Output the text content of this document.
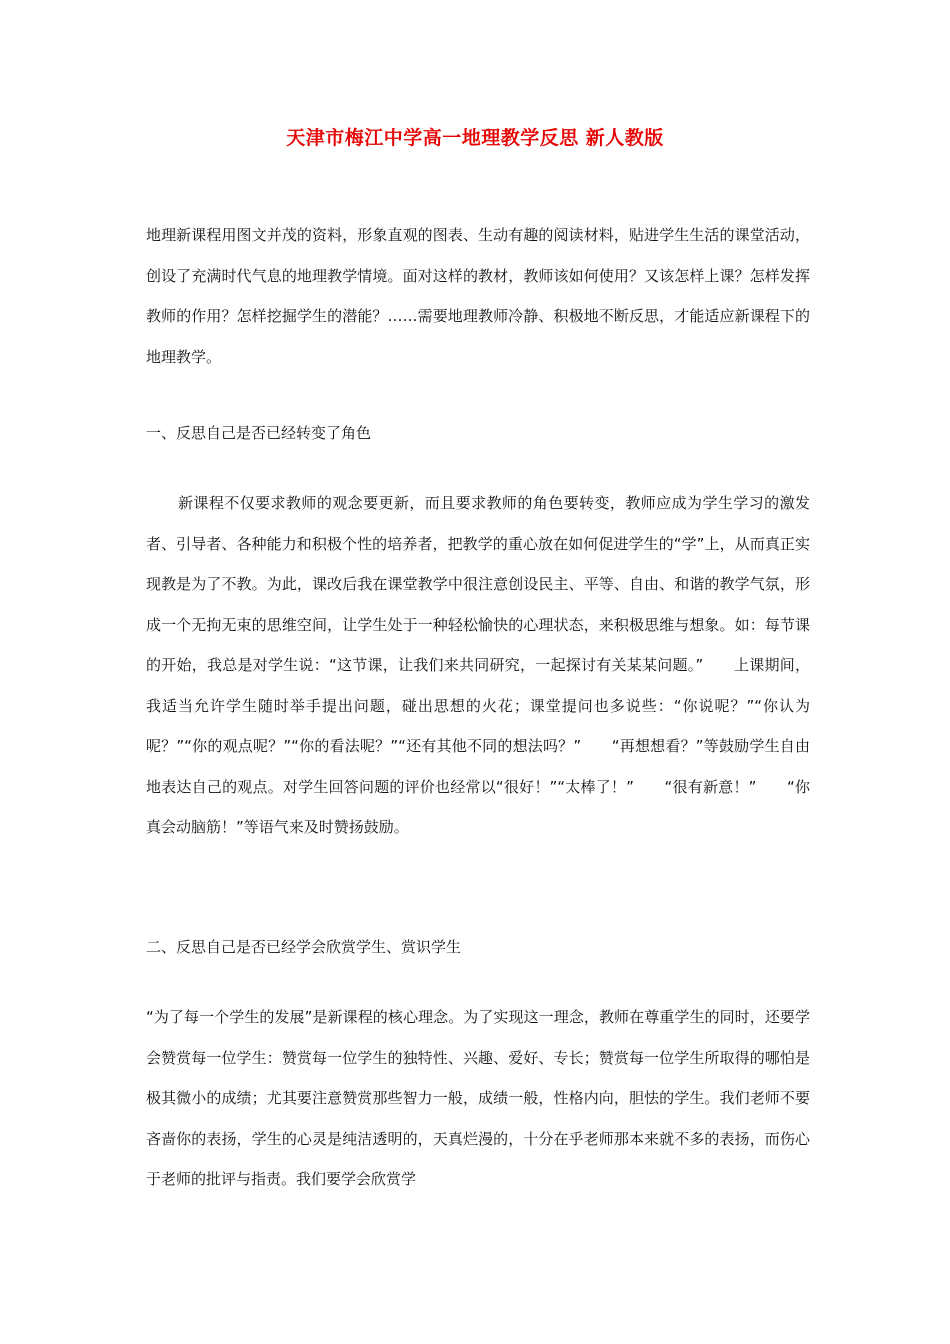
天津市梅江中学高一地理教学反思 新人教版

地理新课程用图文并茂的资料，形象直观的图表、生动有趣的阅读材料，贴进学生生活的课堂活动，创设了充满时代气息的地理教学情境。面对这样的教材，教师该如何使用？又该怎样上课？怎样发挥教师的作用？怎样挖掘学生的潜能？……需要地理教师冷静、积极地不断反思，才能适应新课程下的地理教学。

一、反思自己是否已经转变了角色

新课程不仅要求教师的观念要更新，而且要求教师的角色要转变，教师应成为学生学习的激发者、引导者、各种能力和积极个性的培养者，把教学的重心放在如何促进学生的“学”上，从而真正实现教是为了不教。为此，课改后我在课堂教学中很注意创设民主、平等、自由、和谐的教学气氛，形成一个无拘无束的思维空间，让学生处于一种轻松愉快的心理状态，来积极思维与想象。如：每节课的开始，我总是对学生说：“这节课，让我们来共同研究，一起探讨有关某某问题。”　　上课期间，我适当允许学生随时举手提出问题，碰出思想的火花；课堂提问也多说些：“你说呢？”“你认为呢？”“你的观点呢？”“你的看法呢？”“还有其他不同的想法吗？”　　“再想想看？”等鼓励学生自由地表达自己的观点。对学生回答问题的评价也经常以“很好！”“太棒了！”　　“很有新意！”　　“你真会动脑筋！”等语气来及时赞扬鼓励。

二、反思自己是否已经学会欣赏学生、赏识学生

“为了每一个学生的发展”是新课程的核心理念。为了实现这一理念，教师在尊重学生的同时，还要学会赞赏每一位学生：赞赏每一位学生的独特性、兴趣、爱好、专长；赞赏每一位学生所取得的哪怕是极其微小的成绩；尤其要注意赞赏那些智力一般，成绩一般，性格内向，胆怯的学生。我们老师不要吝啬你的表扬，学生的心灵是纯洁透明的，天真烂漫的，十分在乎老师那本来就不多的表扬，而伤心于老师的批评与指责。我们要学会欣赏学
